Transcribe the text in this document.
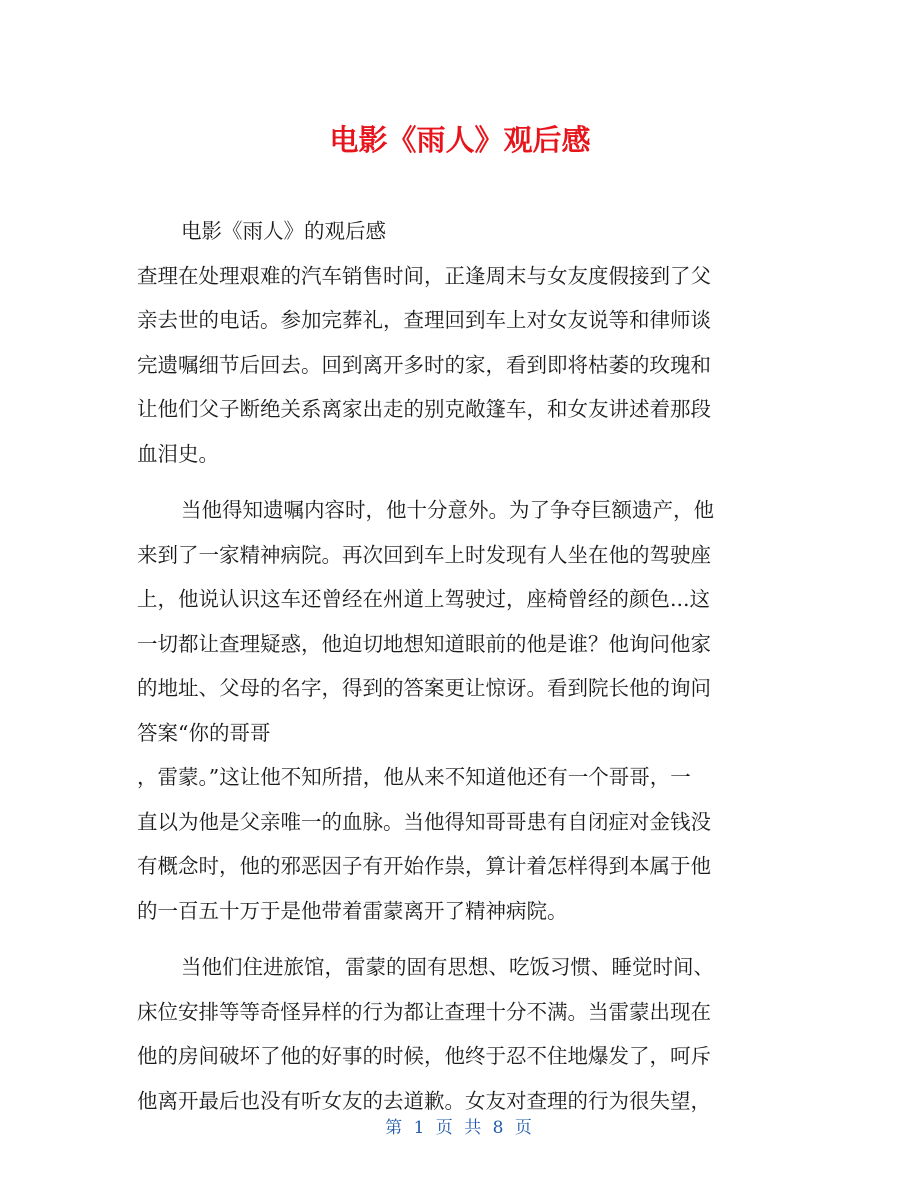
电影《雨人》观后感
电影《雨人》的观后感
查理在处理艰难的汽车销售时间，正逢周末与女友度假接到了父
亲去世的电话。参加完葬礼，查理回到车上对女友说等和律师谈
完遗嘱细节后回去。回到离开多时的家，看到即将枯萎的玫瑰和
让他们父子断绝关系离家出走的别克敞篷车，和女友讲述着那段
血泪史。
当他得知遗嘱内容时，他十分意外。为了争夺巨额遗产，他
来到了一家精神病院。再次回到车上时发现有人坐在他的驾驶座
上，他说认识这车还曾经在州道上驾驶过，座椅曾经的颜色...这
一切都让查理疑惑，他迫切地想知道眼前的他是谁？他询问他家
的地址、父母的名字，得到的答案更让惊讶。看到院长他的询问
答案“你的哥哥
，雷蒙。”这让他不知所措，他从来不知道他还有一个哥哥，一
直以为他是父亲唯一的血脉。当他得知哥哥患有自闭症对金钱没
有概念时，他的邪恶因子有开始作祟，算计着怎样得到本属于他
的一百五十万于是他带着雷蒙离开了精神病院。
当他们住进旅馆，雷蒙的固有思想、吃饭习惯、睡觉时间、
床位安排等等奇怪异样的行为都让查理十分不满。当雷蒙出现在
他的房间破坏了他的好事的时候，他终于忍不住地爆发了，呵斥
他离开最后也没有听女友的去道歉。女友对查理的行为很失望，
第 1 页 共 8 页
